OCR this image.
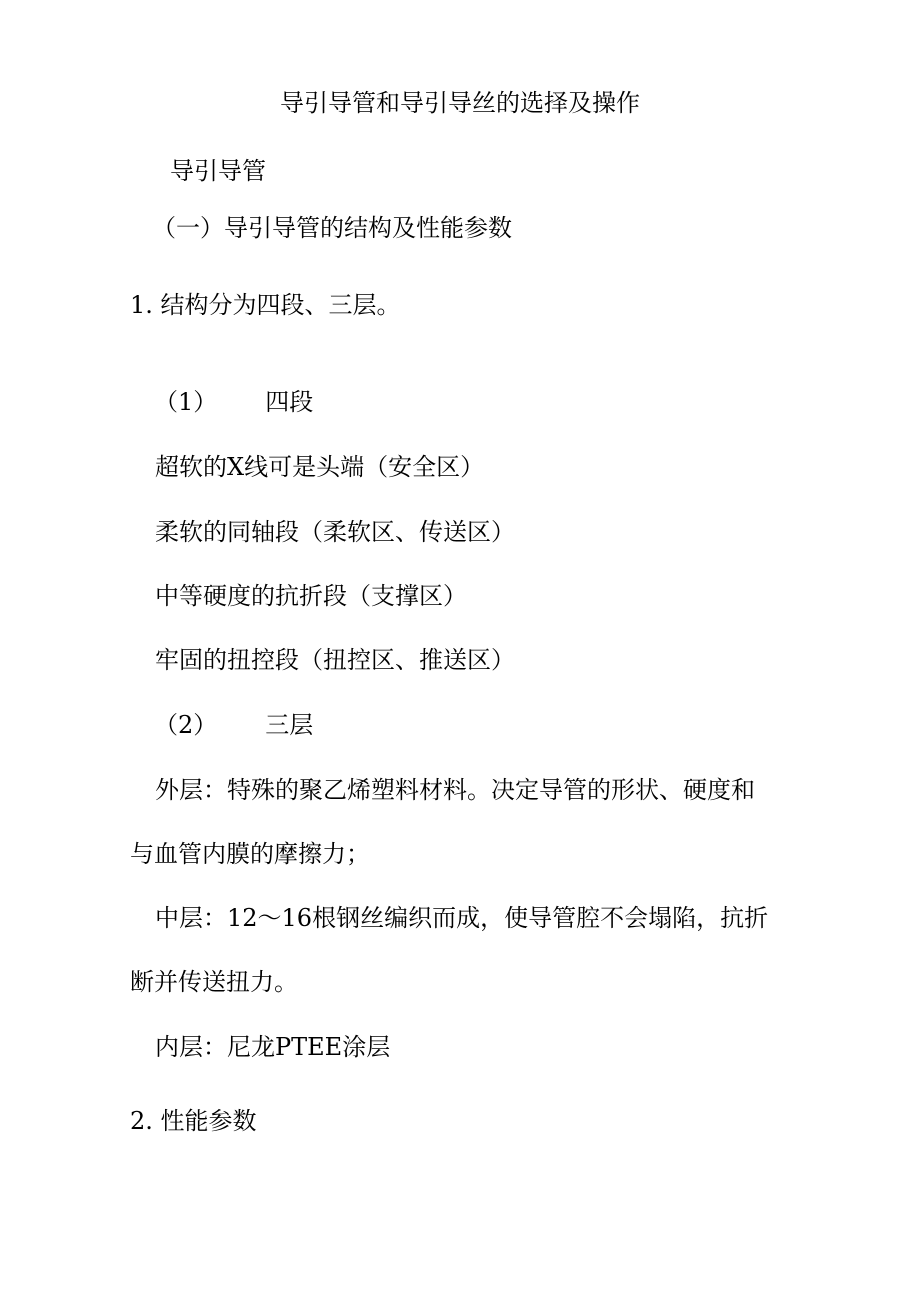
导引导管和导引导丝的选择及操作
导引导管
（一）导引导管的结构及性能参数
1. 结构分为四段、三层。
（1） 四段
超软的X线可是头端（安全区）
柔软的同轴段（柔软区、传送区）
中等硬度的抗折段（支撑区）
牢固的扭控段（扭控区、推送区）
（2） 三层
外层：特殊的聚乙烯塑料材料。决定导管的形状、硬度和
与血管内膜的摩擦力；
中层：12～16根钢丝编织而成，使导管腔不会塌陷，抗折
断并传送扭力。
内层：尼龙PTEE涂层
2. 性能参数
